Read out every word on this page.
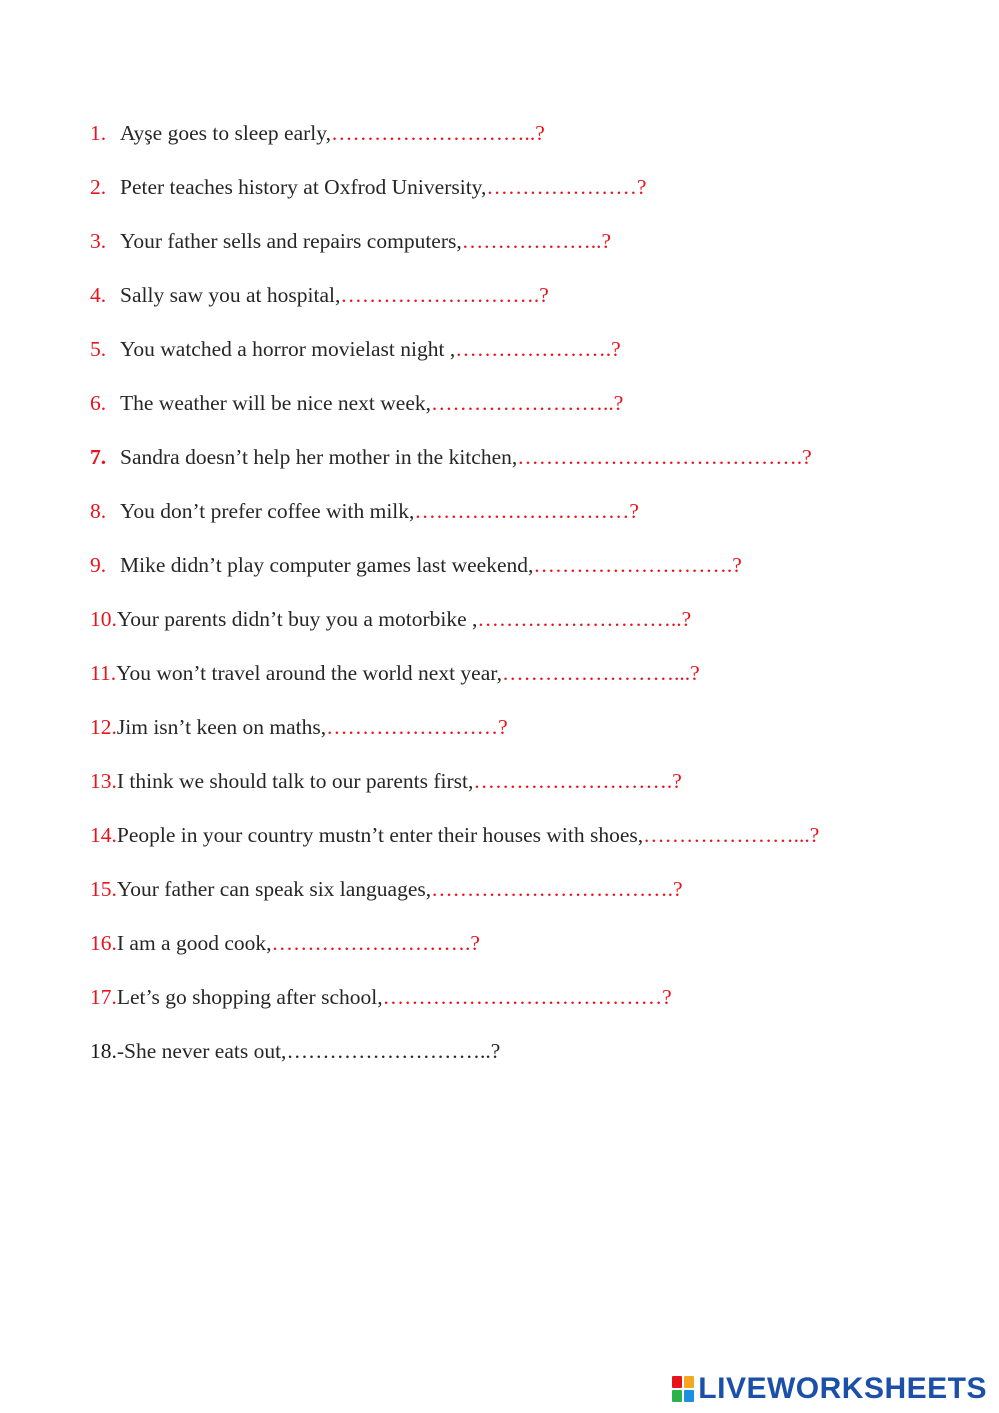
1. Ayşe goes to sleep early, ………………………..?
2. Peter teaches history at Oxfrod University, …………………?
3. Your father sells and repairs computers, ………………..?
4. Sally saw you at hospital, ……………………….?
5. You watched a horror movielast night , ………………….?
6. The weather will be nice next week, ……………………..?
7. Sandra doesn’t help her mother in the kitchen, ………………………………….?
8. You don’t prefer coffee with milk, …………………………?
9. Mike didn’t play computer games last weekend, ……………………….?
10. Your parents didn’t buy you a motorbike , ………………………..?
11. You won’t travel around the world next year, ……………………...?
12. Jim isn’t keen on maths, ……………………?
13. I think we should talk to our parents first, ……………………….?
14. People in your country mustn’t enter their houses with shoes, …………………...?
15. Your father can speak six languages, …………………………….?
16. I am a good cook, ……………………….?
17. Let’s go shopping after school, …………………………………?
18. -She never eats out, ………………………..?
LIVEWORKSHEETS
